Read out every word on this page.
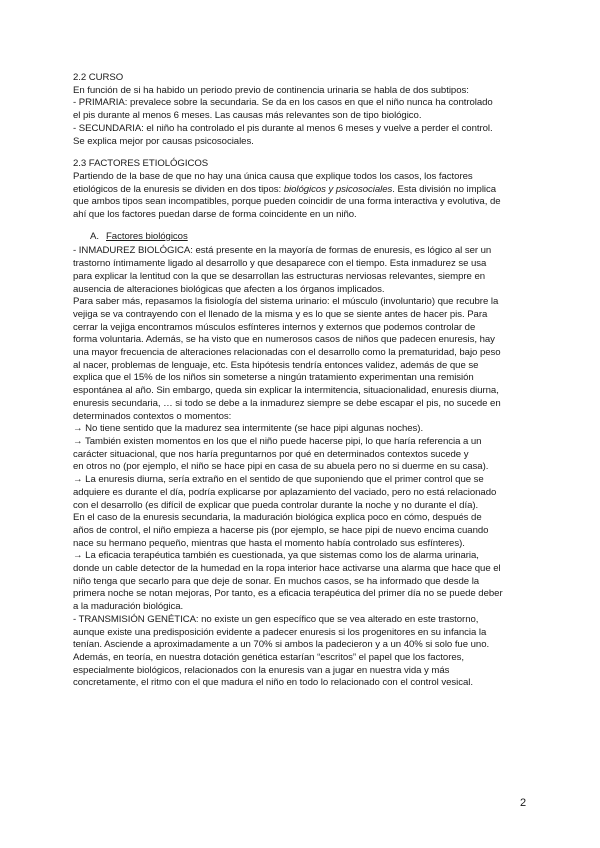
2.2 CURSO

En función de si ha habido un periodo previo de continencia urinaria se habla de dos subtipos:

- PRIMARIA: prevalece sobre la secundaria. Se da en los casos en que el niño nunca ha controlado

el pis durante al menos 6 meses. Las causas más relevantes son de tipo biológico.

- SECUNDARIA: el niño ha controlado el pis durante al menos 6 meses y vuelve a perder el control.

Se explica mejor por causas psicosociales.

2.3 FACTORES ETIOLÓGICOS

Partiendo de la base de que no hay una única causa que explique todos los casos, los factores

etiológicos de la enuresis se dividen en dos tipos: biológicos y psicosociales. Esta división no implica

que ambos tipos sean incompatibles, porque pueden coincidir de una forma interactiva y evolutiva, de

ahí que los factores puedan darse de forma coincidente en un niño.

A. Factores biológicos

- INMADUREZ BIOLÓGICA: está presente en la mayoría de formas de enuresis, es lógico al ser un

trastorno íntimamente ligado al desarrollo y que desaparece con el tiempo. Esta inmadurez se usa

para explicar la lentitud con la que se desarrollan las estructuras nerviosas relevantes, siempre en

ausencia de alteraciones biológicas que afecten a los órganos implicados.

Para saber más, repasamos la fisiología del sistema urinario: el músculo (involuntario) que recubre la

vejiga se va contrayendo con el llenado de la misma y es lo que se siente antes de hacer pis. Para

cerrar la vejiga encontramos músculos esfínteres internos y externos que podemos controlar de

forma voluntaria. Además, se ha visto que en numerosos casos de niños que padecen enuresis, hay

una mayor frecuencia de alteraciones relacionadas con el desarrollo como la prematuridad, bajo peso

al nacer, problemas de lenguaje, etc. Esta hipótesis tendría entonces validez, además de que se

explica que el 15% de los niños sin someterse a ningún tratamiento experimentan una remisión

espontánea al año. Sin embargo, queda sin explicar la intermitencia, situacionalidad, enuresis diurna,

enuresis secundaria, … si todo se debe a la inmadurez siempre se debe escapar el pis, no sucede en

determinados contextos o momentos:

→ No tiene sentido que la madurez sea intermitente (se hace pipi algunas noches).

→ También existen momentos en los que el niño puede hacerse pipi, lo que haría referencia a un

carácter situacional, que nos haría preguntarnos por qué en determinados contextos sucede y

en otros no (por ejemplo, el niño se hace pipi en casa de su abuela pero no si duerme en su casa).

→ La enuresis diurna, sería extraño en el sentido de que suponiendo que el primer control que se

adquiere es durante el día, podría explicarse por aplazamiento del vaciado, pero no está relacionado

con el desarrollo (es difícil de explicar que pueda controlar durante la noche y no durante el día).

En el caso de la enuresis secundaria, la maduración biológica explica poco en cómo, después de

años de control, el niño empieza a hacerse pis (por ejemplo, se hace pipi de nuevo encima cuando

nace su hermano pequeño, mientras que hasta el momento había controlado sus esfínteres).

→ La eficacia terapéutica también es cuestionada, ya que sistemas como los de alarma urinaria,

donde un cable detector de la humedad en la ropa interior hace activarse una alarma que hace que el

niño tenga que secarlo para que deje de sonar. En muchos casos, se ha informado que desde la

primera noche se notan mejoras, Por tanto, es a eficacia terapéutica del primer día no se puede deber

a la maduración biológica.

- TRANSMISIÓN GENÉTICA: no existe un gen específico que se vea alterado en este trastorno,

aunque existe una predisposición evidente a padecer enuresis si los progenitores en su infancia la

tenían. Asciende a aproximadamente a un 70% si ambos la padecieron y a un 40% si solo fue uno.

Además, en teoría, en nuestra dotación genética estarían “escritos” el papel que los factores,

especialmente biológicos, relacionados con la enuresis van a jugar en nuestra vida y más

concretamente, el ritmo con el que madura el niño en todo lo relacionado con el control vesical.

2
